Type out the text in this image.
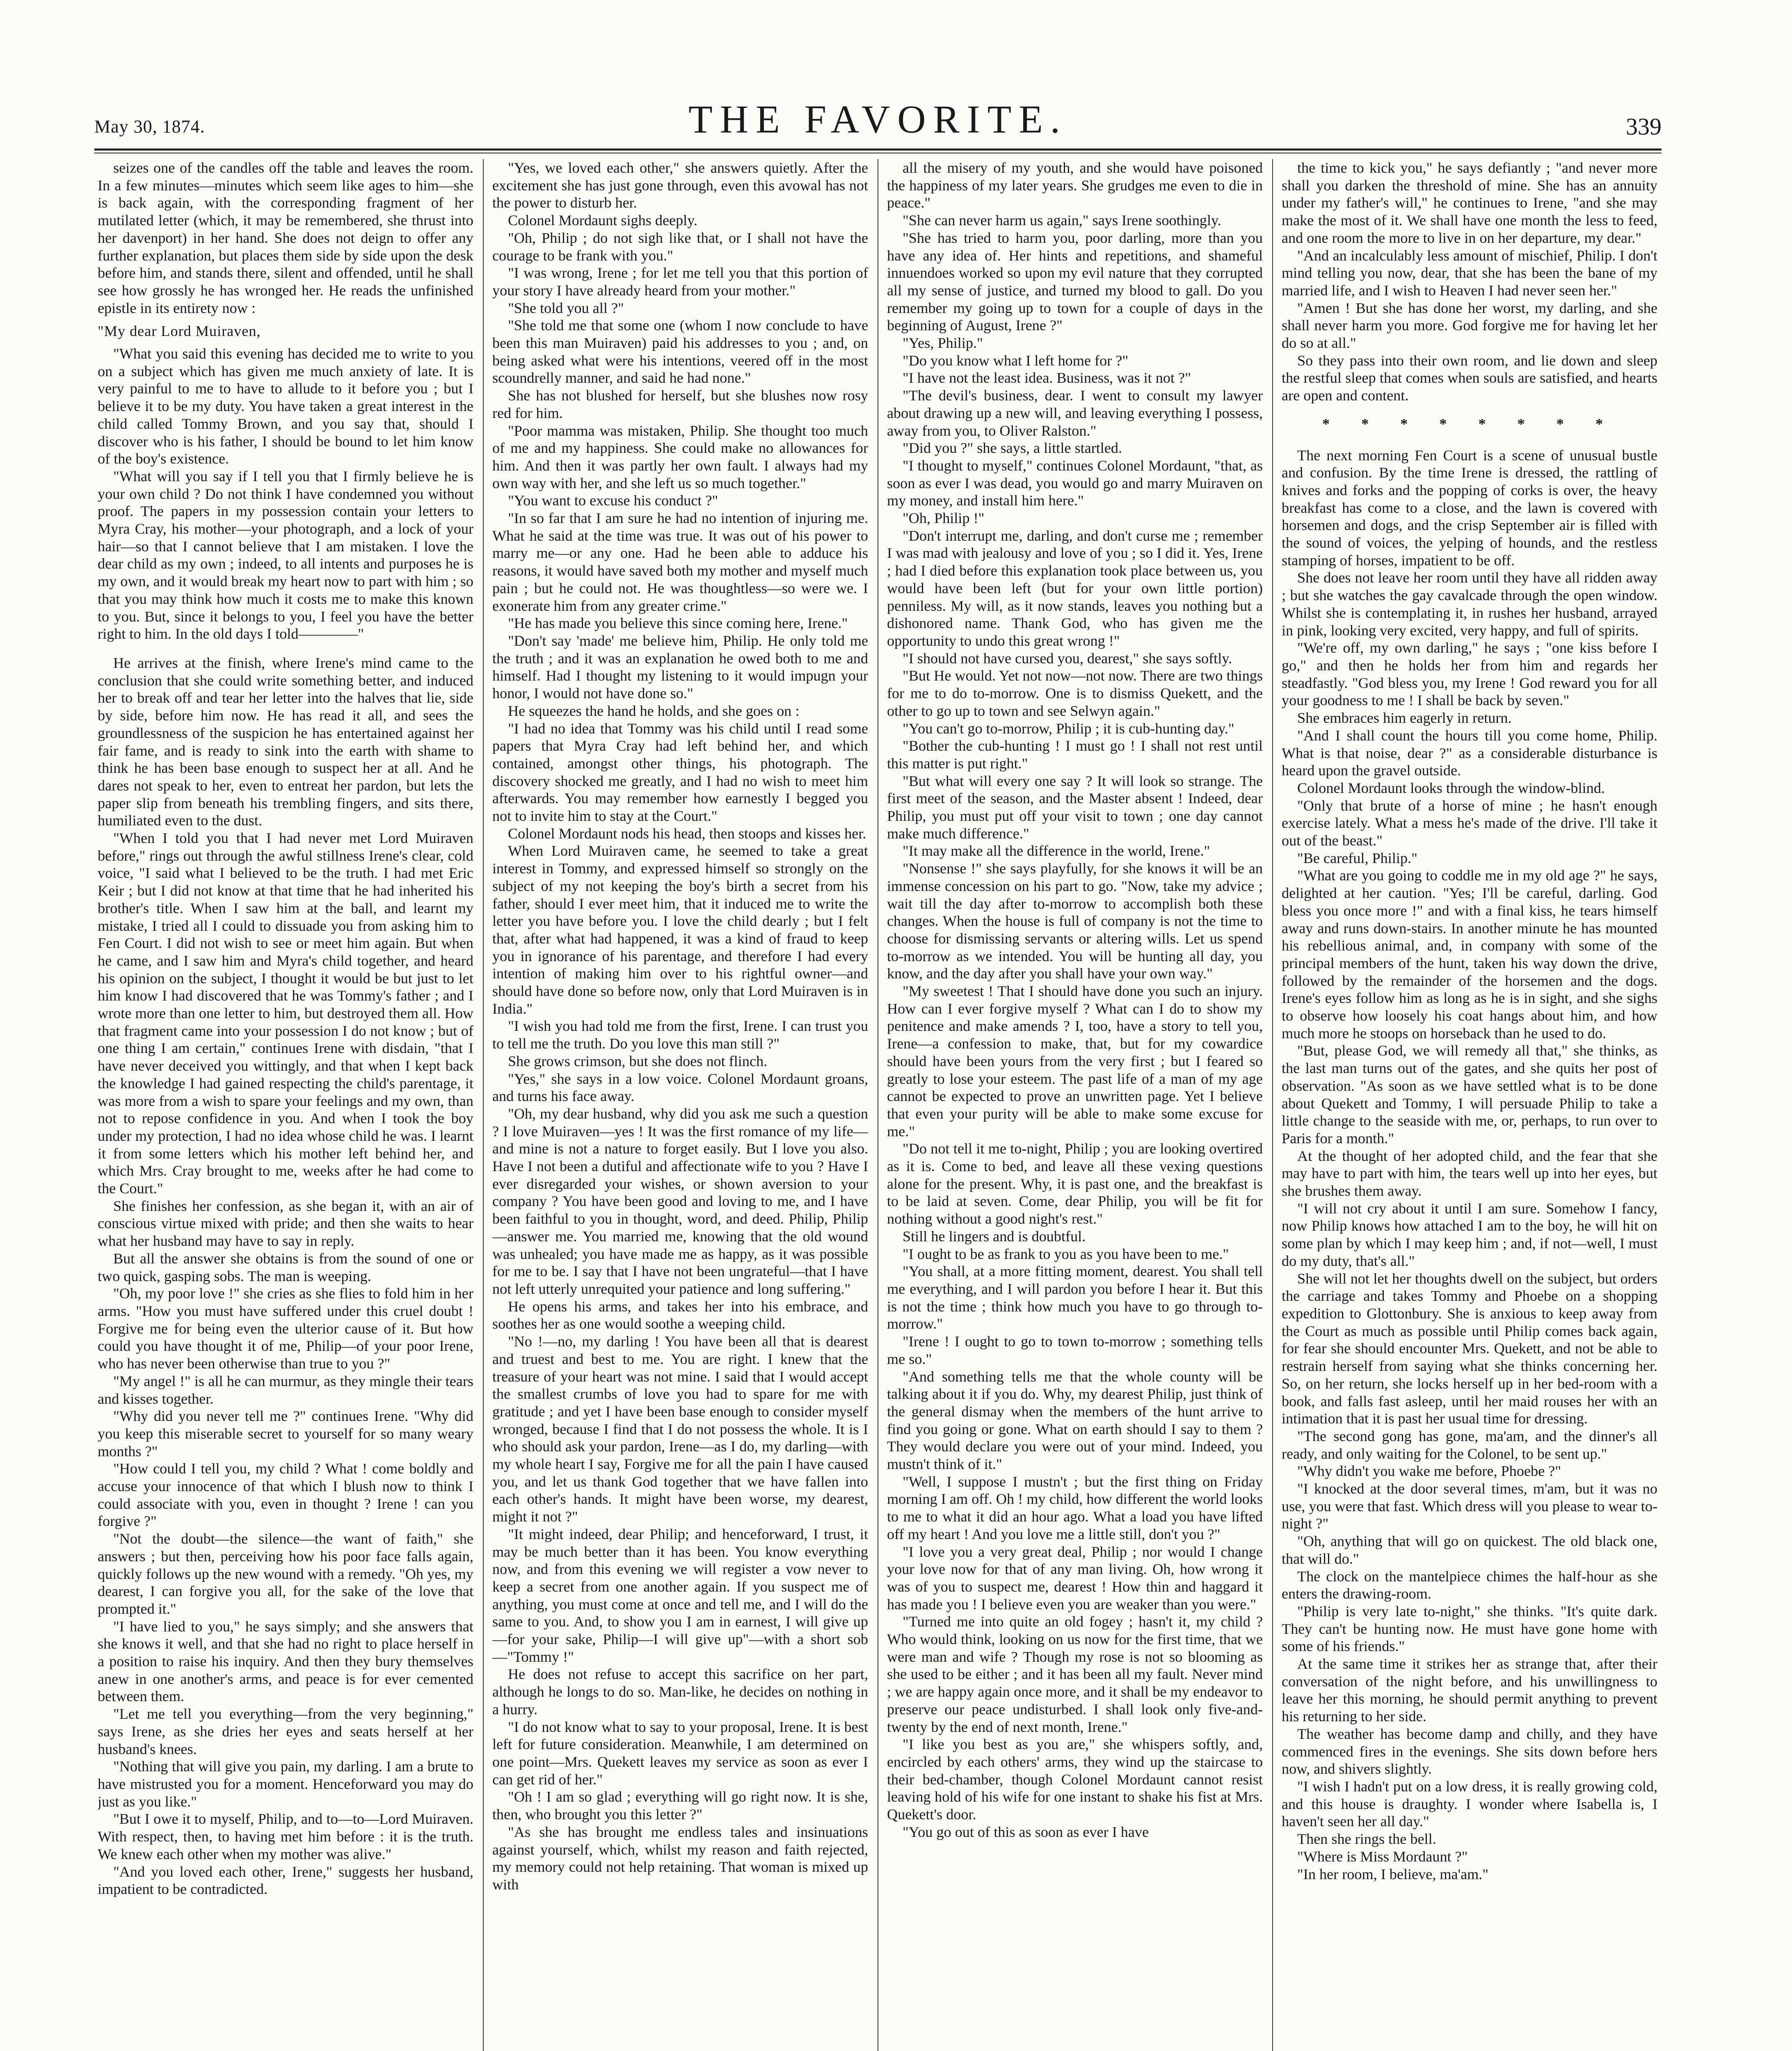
May 30, 1874.	THE FAVORITE.	339

seizes one of the candles off the table and leaves the room. In a few minutes—minutes which seem like ages to him—she is back again, with the corresponding fragment of her mutilated letter (which, it may be remembered, she thrust into her davenport) in her hand. She does not deign to offer any further explanation, but places them side by side upon the desk before him, and stands there, silent and offended, until he shall see how grossly he has wronged her. He reads the unfinished epistle in its entirety now :

"My dear Lord Muiraven,

"What you said this evening has decided me to write to you on a subject which has given me much anxiety of late. It is very painful to me to have to allude to it before you ; but I believe it to be my duty. You have taken a great interest in the child called Tommy Brown, and you say that, should I discover who is his father, I should be bound to let him know of the boy's existence.

"What will you say if I tell you that I firmly believe he is your own child ? Do not think I have condemned you without proof. The papers in my possession contain your letters to Myra Cray, his mother—your photograph, and a lock of your hair—so that I cannot believe that I am mistaken. I love the dear child as my own ; indeed, to all intents and purposes he is my own, and it would break my heart now to part with him ; so that you may think how much it costs me to make this known to you. But, since it belongs to you, I feel you have the better right to him. In the old days I told————"

He arrives at the finish, where Irene's mind came to the conclusion that she could write something better, and induced her to break off and tear her letter into the halves that lie, side by side, before him now. He has read it all, and sees the groundlessness of the suspicion he has entertained against her fair fame, and is ready to sink into the earth with shame to think he has been base enough to suspect her at all. And he dares not speak to her, even to entreat her pardon, but lets the paper slip from beneath his trembling fingers, and sits there, humiliated even to the dust.

"When I told you that I had never met Lord Muiraven before," rings out through the awful stillness Irene's clear, cold voice, "I said what I believed to be the truth. I had met Eric Keir ; but I did not know at that time that he had inherited his brother's title. When I saw him at the ball, and learnt my mistake, I tried all I could to dissuade you from asking him to Fen Court. I did not wish to see or meet him again. But when he came, and I saw him and Myra's child together, and heard his opinion on the subject, I thought it would be but just to let him know I had discovered that he was Tommy's father ; and I wrote more than one letter to him, but destroyed them all. How that fragment came into your possession I do not know ; but of one thing I am certain," continues Irene with disdain, "that I have never deceived you wittingly, and that when I kept back the knowledge I had gained respecting the child's parentage, it was more from a wish to spare your feelings and my own, than not to repose confidence in you. And when I took the boy under my protection, I had no idea whose child he was. I learnt it from some letters which his mother left behind her, and which Mrs. Cray brought to me, weeks after he had come to the Court."

She finishes her confession, as she began it, with an air of conscious virtue mixed with pride; and then she waits to hear what her husband may have to say in reply.

But all the answer she obtains is from the sound of one or two quick, gasping sobs. The man is weeping.

"Oh, my poor love !" she cries as she flies to fold him in her arms. "How you must have suffered under this cruel doubt ! Forgive me for being even the ulterior cause of it. But how could you have thought it of me, Philip—of your poor Irene, who has never been otherwise than true to you ?"

"My angel !" is all he can murmur, as they mingle their tears and kisses together.

"Why did you never tell me ?" continues Irene. "Why did you keep this miserable secret to yourself for so many weary months ?"

"How could I tell you, my child ? What ! come boldly and accuse your innocence of that which I blush now to think I could associate with you, even in thought ? Irene ! can you forgive ?"

"Not the doubt—the silence—the want of faith," she answers ; but then, perceiving how his poor face falls again, quickly follows up the new wound with a remedy. "Oh yes, my dearest, I can forgive you all, for the sake of the love that prompted it."

"I have lied to you," he says simply; and she answers that she knows it well, and that she had no right to place herself in a position to raise his inquiry. And then they bury themselves anew in one another's arms, and peace is for ever cemented between them.

"Let me tell you everything—from the very beginning," says Irene, as she dries her eyes and seats herself at her husband's knees.

"Nothing that will give you pain, my darling. I am a brute to have mistrusted you for a moment. Henceforward you may do just as you like."

"But I owe it to myself, Philip, and to—to—Lord Muiraven. With respect, then, to having met him before : it is the truth. We knew each other when my mother was alive."

"And you loved each other, Irene," suggests her husband, impatient to be contradicted.

"Yes, we loved each other," she answers quietly. After the excitement she has just gone through, even this avowal has not the power to disturb her.

Colonel Mordaunt sighs deeply.

"Oh, Philip ; do not sigh like that, or I shall not have the courage to be frank with you."

"I was wrong, Irene ; for let me tell you that this portion of your story I have already heard from your mother."

"She told you all ?"

"She told me that some one (whom I now conclude to have been this man Muiraven) paid his addresses to you ; and, on being asked what were his intentions, veered off in the most scoundrelly manner, and said he had none."

She has not blushed for herself, but she blushes now rosy red for him.

"Poor mamma was mistaken, Philip. She thought too much of me and my happiness. She could make no allowances for him. And then it was partly her own fault. I always had my own way with her, and she left us so much together."

"You want to excuse his conduct ?"

"In so far that I am sure he had no intention of injuring me. What he said at the time was true. It was out of his power to marry me—or any one. Had he been able to adduce his reasons, it would have saved both my mother and myself much pain ; but he could not. He was thoughtless—so were we. I exonerate him from any greater crime."

"He has made you believe this since coming here, Irene."

"Don't say 'made' me believe him, Philip. He only told me the truth ; and it was an explanation he owed both to me and himself. Had I thought my listening to it would impugn your honor, I would not have done so."

He squeezes the hand he holds, and she goes on :

"I had no idea that Tommy was his child until I read some papers that Myra Cray had left behind her, and which contained, amongst other things, his photograph. The discovery shocked me greatly, and I had no wish to meet him afterwards. You may remember how earnestly I begged you not to invite him to stay at the Court."

Colonel Mordaunt nods his head, then stoops and kisses her.

When Lord Muiraven came, he seemed to take a great interest in Tommy, and expressed himself so strongly on the subject of my not keeping the boy's birth a secret from his father, should I ever meet him, that it induced me to write the letter you have before you. I love the child dearly ; but I felt that, after what had happened, it was a kind of fraud to keep you in ignorance of his parentage, and therefore I had every intention of making him over to his rightful owner—and should have done so before now, only that Lord Muiraven is in India."

"I wish you had told me from the first, Irene. I can trust you to tell me the truth. Do you love this man still ?"

She grows crimson, but she does not flinch.

"Yes," she says in a low voice. Colonel Mordaunt groans, and turns his face away.

"Oh, my dear husband, why did you ask me such a question ? I love Muiraven—yes ! It was the first romance of my life—and mine is not a nature to forget easily. But I love you also. Have I not been a dutiful and affectionate wife to you ? Have I ever disregarded your wishes, or shown aversion to your company ? You have been good and loving to me, and I have been faithful to you in thought, word, and deed. Philip, Philip—answer me. You married me, knowing that the old wound was unhealed; you have made me as happy, as it was possible for me to be. I say that I have not been ungrateful—that I have not left utterly unrequited your patience and long suffering."

He opens his arms, and takes her into his embrace, and soothes her as one would soothe a weeping child.

"No !—no, my darling ! You have been all that is dearest and truest and best to me. You are right. I knew that the treasure of your heart was not mine. I said that I would accept the smallest crumbs of love you had to spare for me with gratitude ; and yet I have been base enough to consider myself wronged, because I find that I do not possess the whole. It is I who should ask your pardon, Irene—as I do, my darling—with my whole heart I say, Forgive me for all the pain I have caused you, and let us thank God together that we have fallen into each other's hands. It might have been worse, my dearest, might it not ?"

"It might indeed, dear Philip; and henceforward, I trust, it may be much better than it has been. You know everything now, and from this evening we will register a vow never to keep a secret from one another again. If you suspect me of anything, you must come at once and tell me, and I will do the same to you. And, to show you I am in earnest, I will give up—for your sake, Philip—I will give up"—with a short sob—"Tommy !"

He does not refuse to accept this sacrifice on her part, although he longs to do so. Man-like, he decides on nothing in a hurry.

"I do not know what to say to your proposal, Irene. It is best left for future consideration. Meanwhile, I am determined on one point—Mrs. Quekett leaves my service as soon as ever I can get rid of her."

"Oh ! I am so glad ; everything will go right now. It is she, then, who brought you this letter ?"

"As she has brought me endless tales and insinuations against yourself, which, whilst my reason and faith rejected, my memory could not help retaining. That woman is mixed up with

all the misery of my youth, and she would have poisoned the happiness of my later years. She grudges me even to die in peace."

"She can never harm us again," says Irene soothingly.

"She has tried to harm you, poor darling, more than you have any idea of. Her hints and repetitions, and shameful innuendoes worked so upon my evil nature that they corrupted all my sense of justice, and turned my blood to gall. Do you remember my going up to town for a couple of days in the beginning of August, Irene ?"

"Yes, Philip."

"Do you know what I left home for ?"

"I have not the least idea. Business, was it not ?"

"The devil's business, dear. I went to consult my lawyer about drawing up a new will, and leaving everything I possess, away from you, to Oliver Ralston."

"Did you ?" she says, a little startled.

"I thought to myself," continues Colonel Mordaunt, "that, as soon as ever I was dead, you would go and marry Muiraven on my money, and install him here."

"Oh, Philip !"

"Don't interrupt me, darling, and don't curse me ; remember I was mad with jealousy and love of you ; so I did it. Yes, Irene ; had I died before this explanation took place between us, you would have been left (but for your own little portion) penniless. My will, as it now stands, leaves you nothing but a dishonored name. Thank God, who has given me the opportunity to undo this great wrong !"

"I should not have cursed you, dearest," she says softly.

"But He would. Yet not now—not now. There are two things for me to do to-morrow. One is to dismiss Quekett, and the other to go up to town and see Selwyn again."

"You can't go to-morrow, Philip ; it is cub-hunting day."

"Bother the cub-hunting ! I must go ! I shall not rest until this matter is put right."

"But what will every one say ? It will look so strange. The first meet of the season, and the Master absent ! Indeed, dear Philip, you must put off your visit to town ; one day cannot make much difference."

"It may make all the difference in the world, Irene."

"Nonsense !" she says playfully, for she knows it will be an immense concession on his part to go. "Now, take my advice ; wait till the day after to-morrow to accomplish both these changes. When the house is full of company is not the time to choose for dismissing servants or altering wills. Let us spend to-morrow as we intended. You will be hunting all day, you know, and the day after you shall have your own way."

"My sweetest ! That I should have done you such an injury. How can I ever forgive myself ? What can I do to show my penitence and make amends ? I, too, have a story to tell you, Irene—a confession to make, that, but for my cowardice should have been yours from the very first ; but I feared so greatly to lose your esteem. The past life of a man of my age cannot be expected to prove an unwritten page. Yet I believe that even your purity will be able to make some excuse for me."

"Do not tell it me to-night, Philip ; you are looking overtired as it is. Come to bed, and leave all these vexing questions alone for the present. Why, it is past one, and the breakfast is to be laid at seven. Come, dear Philip, you will be fit for nothing without a good night's rest."

Still he lingers and is doubtful.

"I ought to be as frank to you as you have been to me."

"You shall, at a more fitting moment, dearest. You shall tell me everything, and I will pardon you before I hear it. But this is not the time ; think how much you have to go through to-morrow."

"Irene ! I ought to go to town to-morrow ; something tells me so."

"And something tells me that the whole county will be talking about it if you do. Why, my dearest Philip, just think of the general dismay when the members of the hunt arrive to find you going or gone. What on earth should I say to them ? They would declare you were out of your mind. Indeed, you mustn't think of it."

"Well, I suppose I mustn't ; but the first thing on Friday morning I am off. Oh ! my child, how different the world looks to me to what it did an hour ago. What a load you have lifted off my heart ! And you love me a little still, don't you ?"

"I love you a very great deal, Philip ; nor would I change your love now for that of any man living. Oh, how wrong it was of you to suspect me, dearest ! How thin and haggard it has made you ! I believe even you are weaker than you were."

"Turned me into quite an old fogey ; hasn't it, my child ? Who would think, looking on us now for the first time, that we were man and wife ? Though my rose is not so blooming as she used to be either ; and it has been all my fault. Never mind ; we are happy again once more, and it shall be my endeavor to preserve our peace undisturbed. I shall look only five-and-twenty by the end of next month, Irene."

"I like you best as you are," she whispers softly, and, encircled by each others' arms, they wind up the staircase to their bed-chamber, though Colonel Mordaunt cannot resist leaving hold of his wife for one instant to shake his fist at Mrs. Quekett's door.

"You go out of this as soon as ever I have

the time to kick you," he says defiantly ; "and never more shall you darken the threshold of mine. She has an annuity under my father's will," he continues to Irene, "and she may make the most of it. We shall have one month the less to feed, and one room the more to live in on her departure, my dear."

"And an incalculably less amount of mischief, Philip. I don't mind telling you now, dear, that she has been the bane of my married life, and I wish to Heaven I had never seen her."

"Amen ! But she has done her worst, my darling, and she shall never harm you more. God forgive me for having let her do so at all."

So they pass into their own room, and lie down and sleep the restful sleep that comes when souls are satisfied, and hearts are open and content.

* * * * * * * *

The next morning Fen Court is a scene of unusual bustle and confusion. By the time Irene is dressed, the rattling of knives and forks and the popping of corks is over, the heavy breakfast has come to a close, and the lawn is covered with horsemen and dogs, and the crisp September air is filled with the sound of voices, the yelping of hounds, and the restless stamping of horses, impatient to be off.

She does not leave her room until they have all ridden away ; but she watches the gay cavalcade through the open window. Whilst she is contemplating it, in rushes her husband, arrayed in pink, looking very excited, very happy, and full of spirits.

"We're off, my own darling," he says ; "one kiss before I go," and then he holds her from him and regards her steadfastly. "God bless you, my Irene ! God reward you for all your goodness to me ! I shall be back by seven."

She embraces him eagerly in return.

"And I shall count the hours till you come home, Philip. What is that noise, dear ?" as a considerable disturbance is heard upon the gravel outside.

Colonel Mordaunt looks through the window-blind.

"Only that brute of a horse of mine ; he hasn't enough exercise lately. What a mess he's made of the drive. I'll take it out of the beast."

"Be careful, Philip."

"What are you going to coddle me in my old age ?" he says, delighted at her caution. "Yes; I'll be careful, darling. God bless you once more !" and with a final kiss, he tears himself away and runs down-stairs. In another minute he has mounted his rebellious animal, and, in company with some of the principal members of the hunt, taken his way down the drive, followed by the remainder of the horsemen and the dogs. Irene's eyes follow him as long as he is in sight, and she sighs to observe how loosely his coat hangs about him, and how much more he stoops on horseback than he used to do.

"But, please God, we will remedy all that," she thinks, as the last man turns out of the gates, and she quits her post of observation. "As soon as we have settled what is to be done about Quekett and Tommy, I will persuade Philip to take a little change to the seaside with me, or, perhaps, to run over to Paris for a month."

At the thought of her adopted child, and the fear that she may have to part with him, the tears well up into her eyes, but she brushes them away.

"I will not cry about it until I am sure. Somehow I fancy, now Philip knows how attached I am to the boy, he will hit on some plan by which I may keep him ; and, if not—well, I must do my duty, that's all."

She will not let her thoughts dwell on the subject, but orders the carriage and takes Tommy and Phoebe on a shopping expedition to Glottonbury. She is anxious to keep away from the Court as much as possible until Philip comes back again, for fear she should encounter Mrs. Quekett, and not be able to restrain herself from saying what she thinks concerning her. So, on her return, she locks herself up in her bed-room with a book, and falls fast asleep, until her maid rouses her with an intimation that it is past her usual time for dressing.

"The second gong has gone, ma'am, and the dinner's all ready, and only waiting for the Colonel, to be sent up."

"Why didn't you wake me before, Phoebe ?"

"I knocked at the door several times, m'am, but it was no use, you were that fast. Which dress will you please to wear to-night ?"

"Oh, anything that will go on quickest. The old black one, that will do."

The clock on the mantelpiece chimes the half-hour as she enters the drawing-room.

"Philip is very late to-night," she thinks. "It's quite dark. They can't be hunting now. He must have gone home with some of his friends."

At the same time it strikes her as strange that, after their conversation of the night before, and his unwillingness to leave her this morning, he should permit anything to prevent his returning to her side.

The weather has become damp and chilly, and they have commenced fires in the evenings. She sits down before hers now, and shivers slightly.

"I wish I hadn't put on a low dress, it is really growing cold, and this house is draughty. I wonder where Isabella is, I haven't seen her all day."

Then she rings the bell.

"Where is Miss Mordaunt ?"

"In her room, I believe, ma'am."
